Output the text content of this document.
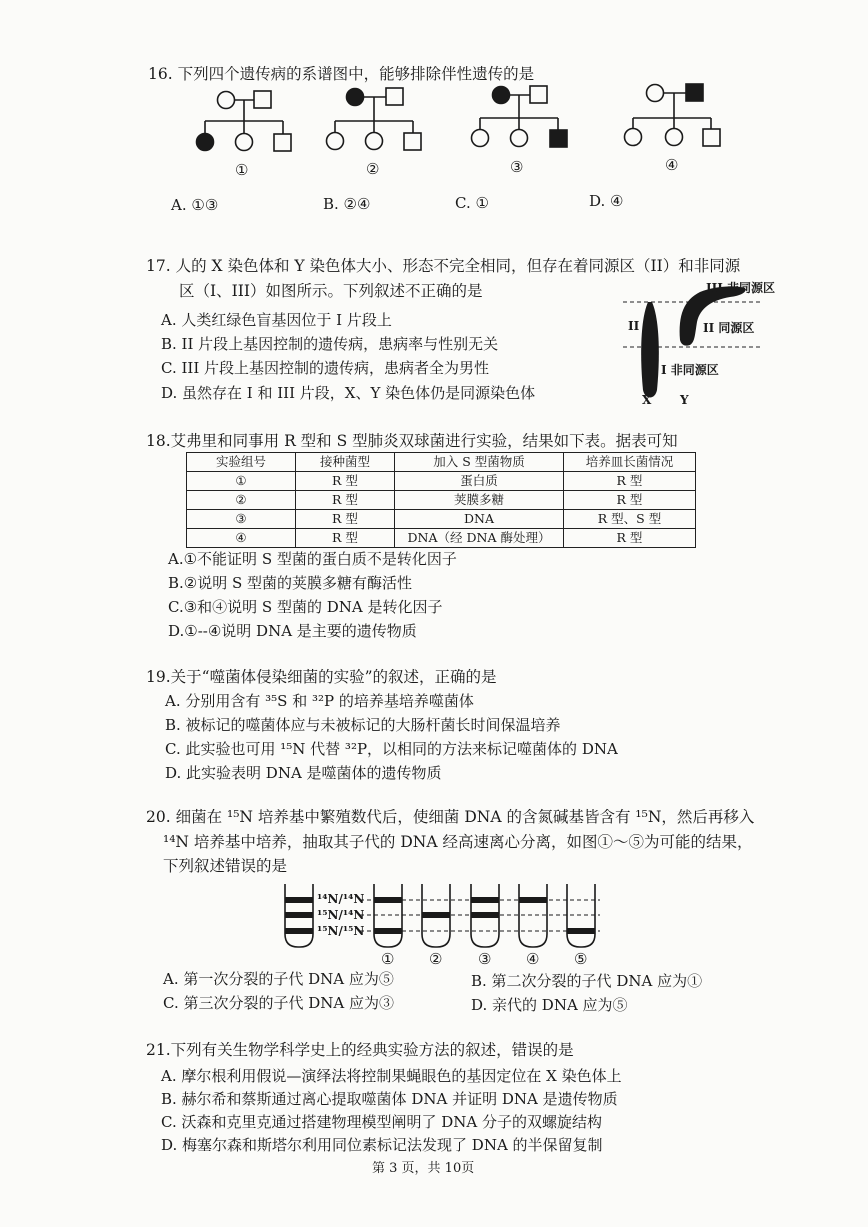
16. 下列四个遗传病的系谱图中，能够排除伴性遗传的是
①	②	③	④
A. ①③	B. ②④	C. ①	D. ④
17. 人的 X 染色体和 Y 染色体大小、形态不完全相同，但存在着同源区（II）和非同源
区（I、III）如图所示。下列叙述不正确的是
A. 人类红绿色盲基因位于 I 片段上
B. II 片段上基因控制的遗传病，患病率与性别无关
C. III 片段上基因控制的遗传病，患病者全为男性
D. 虽然存在 I 和 III 片段，X、Y 染色体仍是同源染色体
III 非同源区
II 同源区
II
I 非同源区
X Y
18.艾弗里和同事用 R 型和 S 型肺炎双球菌进行实验，结果如下表。据表可知
实验组号	接种菌型	加入 S 型菌物质	培养皿长菌情况
①	R 型	蛋白质	R 型
②	R 型	荚膜多糖	R 型
③	R 型	DNA	R 型、S 型
④	R 型	DNA（经 DNA 酶处理）	R 型
A.①不能证明 S 型菌的蛋白质不是转化因子
B.②说明 S 型菌的荚膜多糖有酶活性
C.③和④说明 S 型菌的 DNA 是转化因子
D.①--④说明 DNA 是主要的遗传物质
19.关于“噬菌体侵染细菌的实验”的叙述，正确的是
A. 分别用含有 ³⁵S 和 ³²P 的培养基培养噬菌体
B. 被标记的噬菌体应与未被标记的大肠杆菌长时间保温培养
C. 此实验也可用 ¹⁵N 代替 ³²P，以相同的方法来标记噬菌体的 DNA
D. 此实验表明 DNA 是噬菌体的遗传物质
20. 细菌在 ¹⁵N 培养基中繁殖数代后，使细菌 DNA 的含氮碱基皆含有 ¹⁵N，然后再移入
¹⁴N 培养基中培养，抽取其子代的 DNA 经高速离心分离，如图①～⑤为可能的结果，
下列叙述错误的是
¹⁴N/¹⁴N
¹⁵N/¹⁴N
¹⁵N/¹⁵N
① ② ③ ④ ⑤
A. 第一次分裂的子代 DNA 应为⑤	B. 第二次分裂的子代 DNA 应为①
C. 第三次分裂的子代 DNA 应为③	D. 亲代的 DNA 应为⑤
21.下列有关生物学科学史上的经典实验方法的叙述，错误的是
A. 摩尔根利用假说—演绎法将控制果蝇眼色的基因定位在 X 染色体上
B. 赫尔希和蔡斯通过离心提取噬菌体 DNA 并证明 DNA 是遗传物质
C. 沃森和克里克通过搭建物理模型阐明了 DNA 分子的双螺旋结构
D. 梅塞尔森和斯塔尔利用同位素标记法发现了 DNA 的半保留复制
第 3 页，共 10页
